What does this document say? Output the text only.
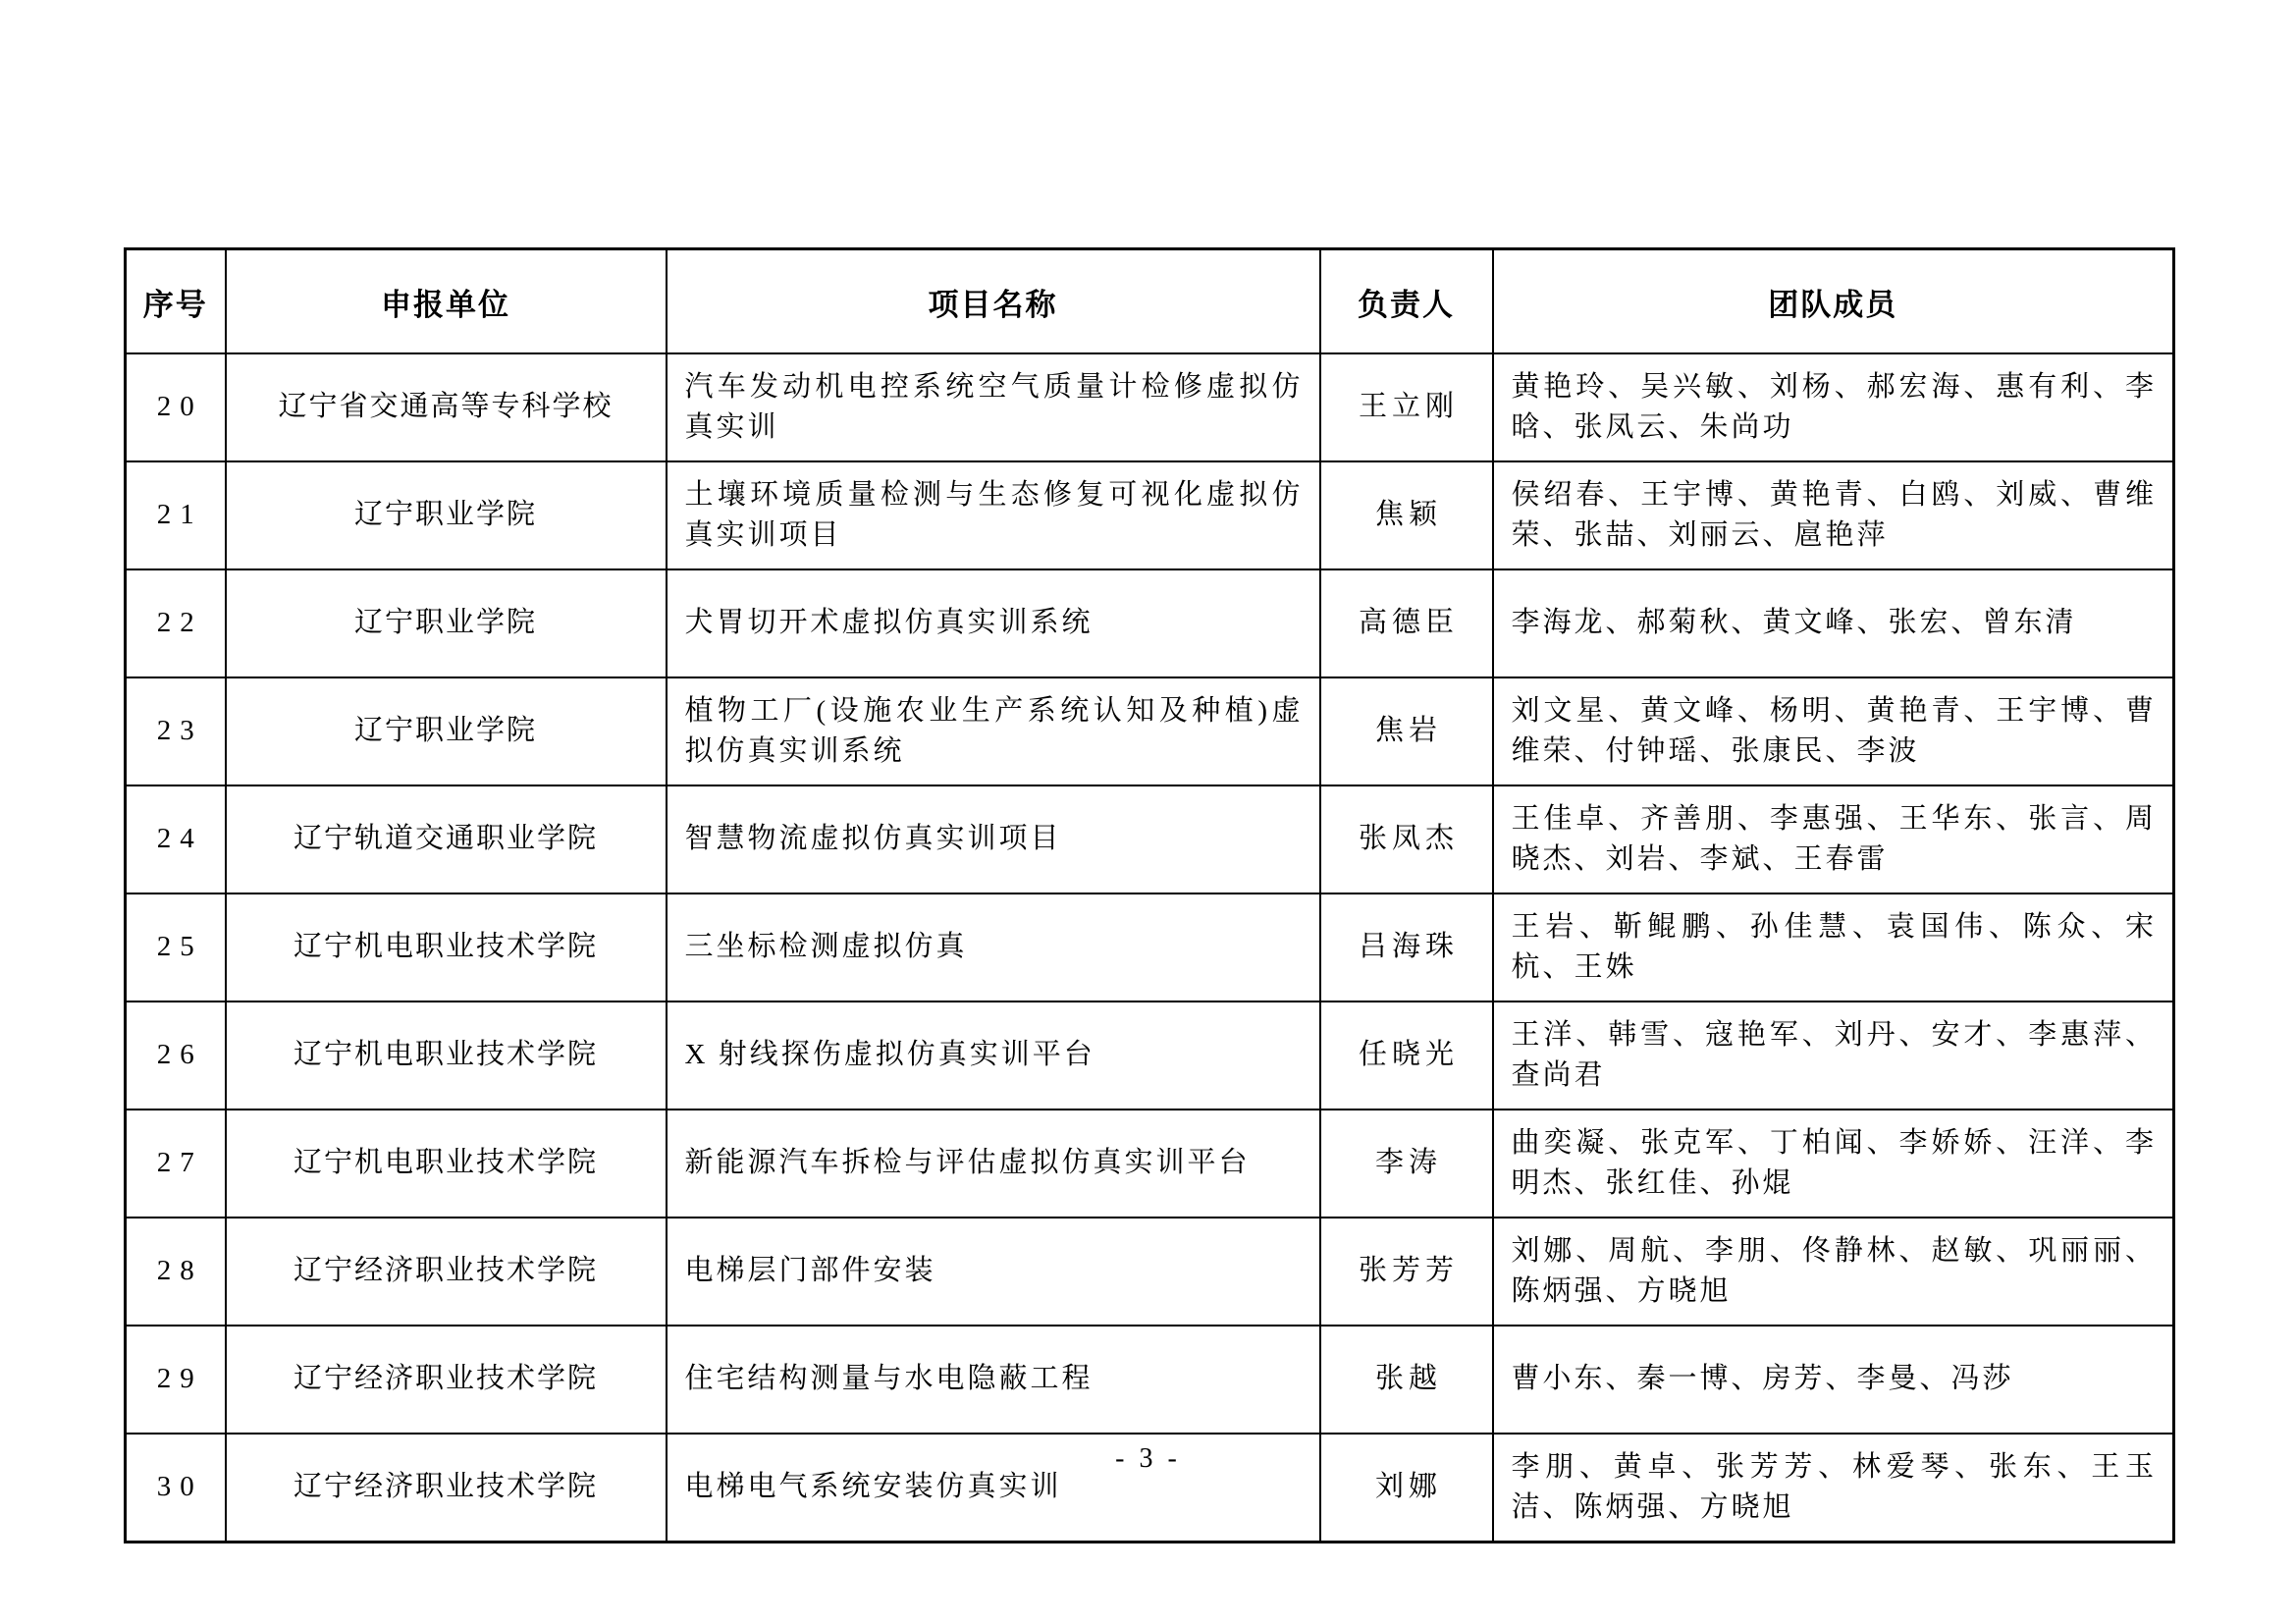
序号	申报单位	项目名称	负责人	团队成员
20	辽宁省交通高等专科学校	汽车发动机电控系统空气质量计检修虚拟仿真实训	王立刚	黄艳玲、吴兴敏、刘杨、郝宏海、惠有利、李晗、张凤云、朱尚功
21	辽宁职业学院	土壤环境质量检测与生态修复可视化虚拟仿真实训项目	焦颖	侯绍春、王宇博、黄艳青、白鸥、刘威、曹维荣、张喆、刘丽云、扈艳萍
22	辽宁职业学院	犬胃切开术虚拟仿真实训系统	高德臣	李海龙、郝菊秋、黄文峰、张宏、曾东清
23	辽宁职业学院	植物工厂(设施农业生产系统认知及种植)虚拟仿真实训系统	焦岩	刘文星、黄文峰、杨明、黄艳青、王宇博、曹维荣、付钟瑶、张康民、李波
24	辽宁轨道交通职业学院	智慧物流虚拟仿真实训项目	张凤杰	王佳卓、齐善朋、李惠强、王华东、张言、周晓杰、刘岩、李斌、王春雷
25	辽宁机电职业技术学院	三坐标检测虚拟仿真	吕海珠	王岩、靳鲲鹏、孙佳慧、袁国伟、陈众、宋杭、王姝
26	辽宁机电职业技术学院	X 射线探伤虚拟仿真实训平台	任晓光	王洋、韩雪、寇艳军、刘丹、安才、李惠萍、查尚君
27	辽宁机电职业技术学院	新能源汽车拆检与评估虚拟仿真实训平台	李涛	曲奕凝、张克军、丁柏闻、李娇娇、汪洋、李明杰、张红佳、孙焜
28	辽宁经济职业技术学院	电梯层门部件安装	张芳芳	刘娜、周航、李朋、佟静林、赵敏、巩丽丽、陈炳强、方晓旭
29	辽宁经济职业技术学院	住宅结构测量与水电隐蔽工程	张越	曹小东、秦一博、房芳、李曼、冯莎
30	辽宁经济职业技术学院	电梯电气系统安装仿真实训	刘娜	李朋、黄卓、张芳芳、林爱琴、张东、王玉洁、陈炳强、方晓旭
- 3 -
